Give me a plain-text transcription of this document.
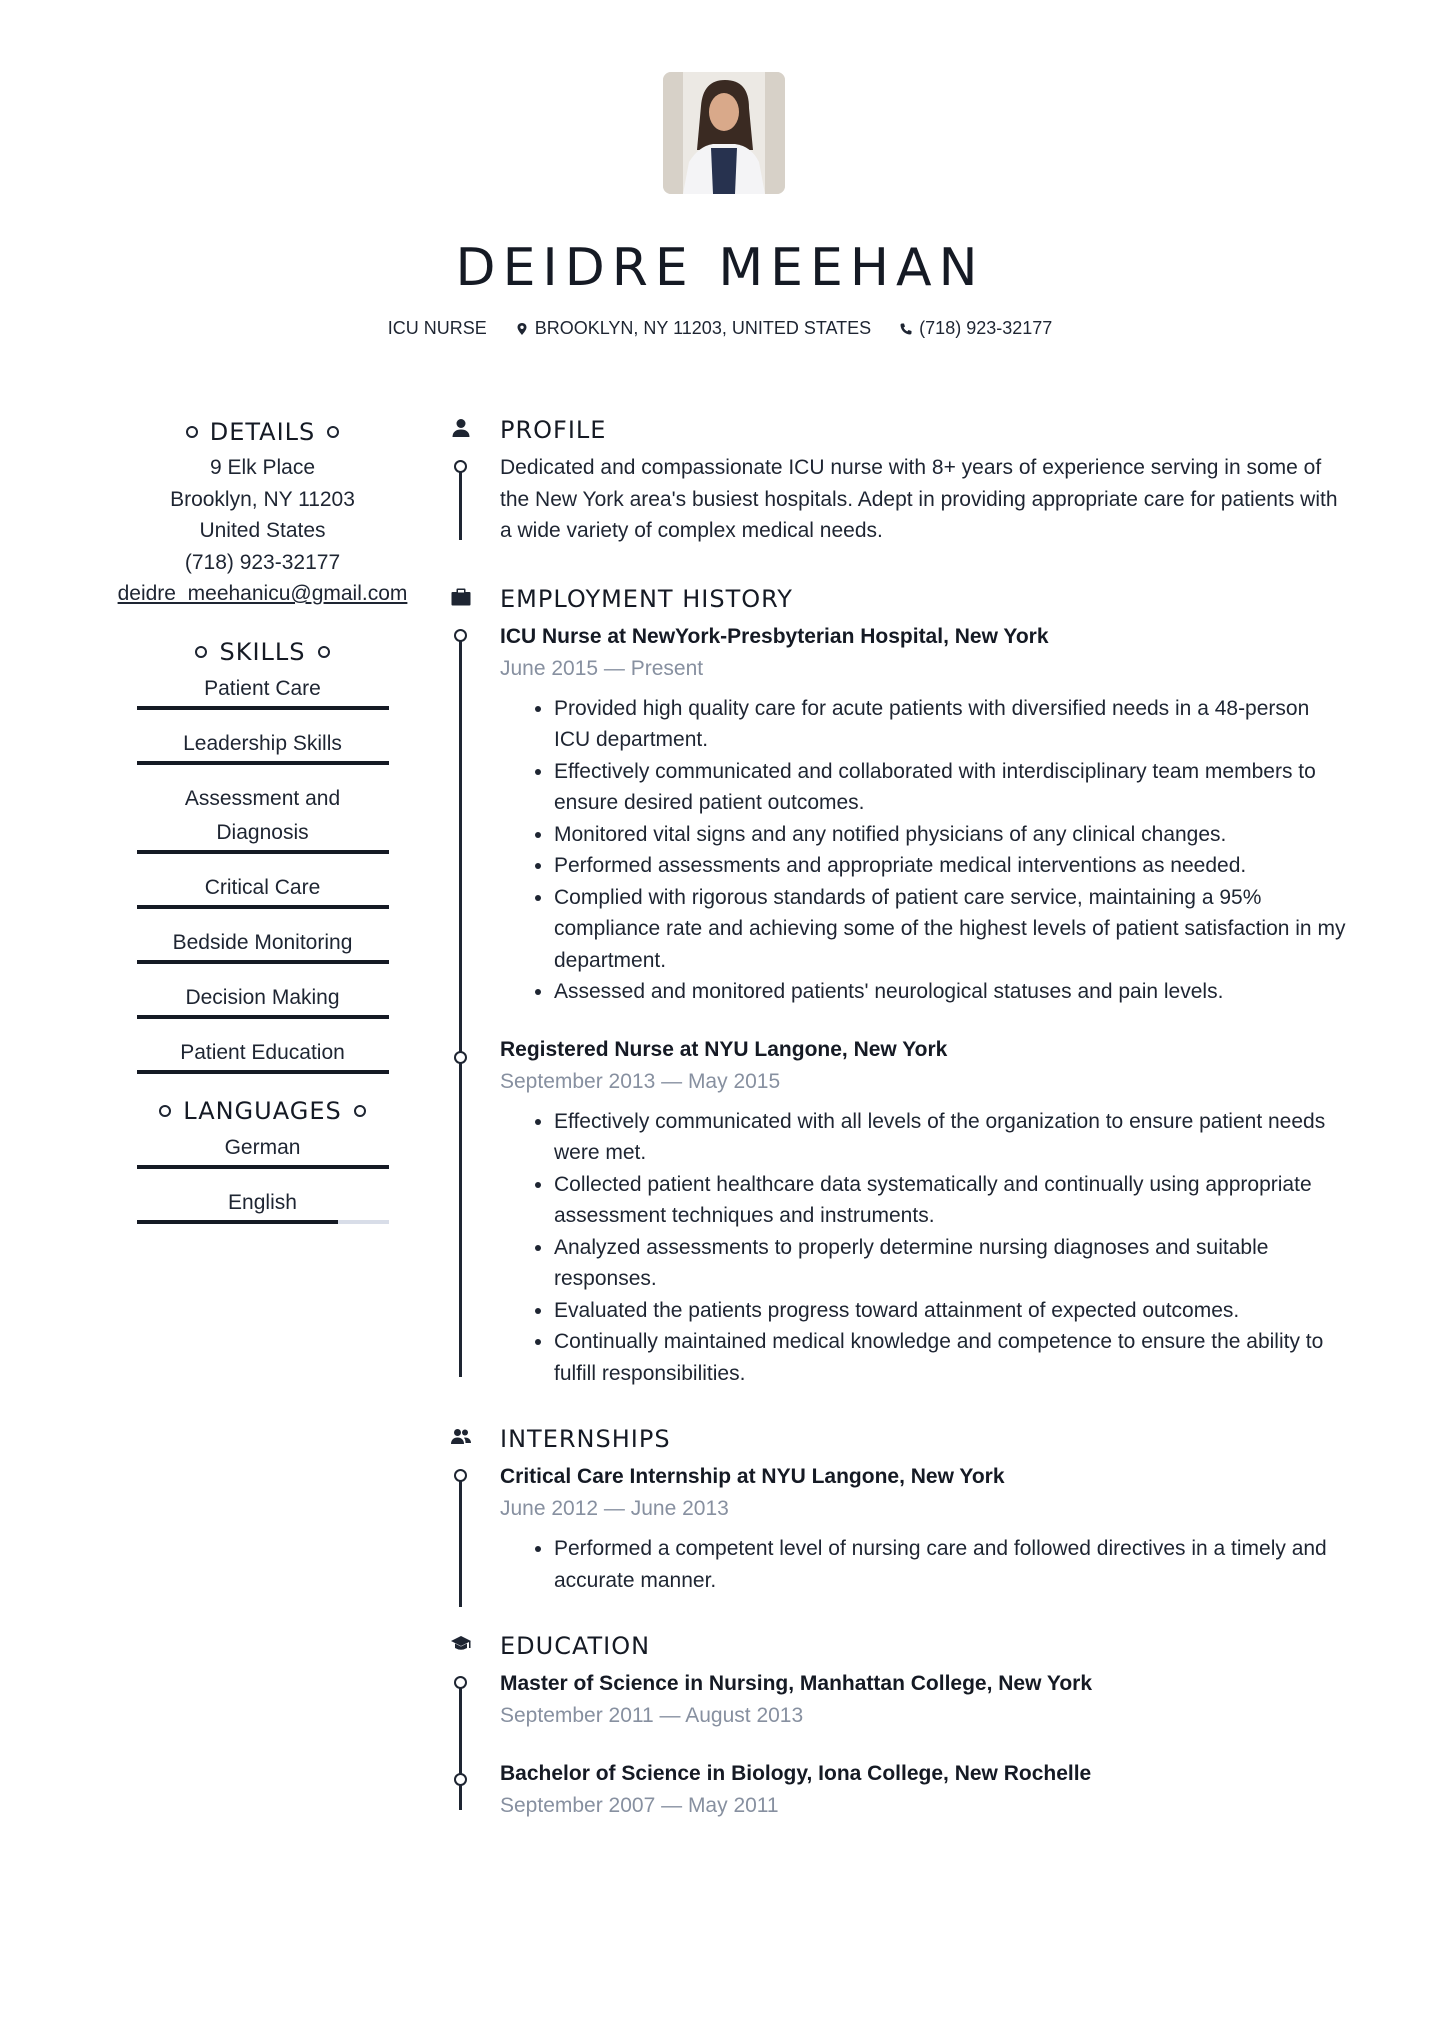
DEIDRE MEEHAN
ICU NURSE	BROOKLYN, NY 11203, UNITED STATES	(718) 923-32177
DETAILS
9 Elk Place
Brooklyn, NY 11203
United States
(718) 923-32177
deidre_meehanicu@gmail.com
SKILLS
Patient Care
Leadership Skills
Assessment and Diagnosis
Critical Care
Bedside Monitoring
Decision Making
Patient Education
LANGUAGES
German
English
PROFILE

Dedicated and compassionate ICU nurse with 8+ years of experience serving in some of the New York area's busiest hospitals. Adept in providing appropriate care for patients with a wide variety of complex medical needs.

EMPLOYMENT HISTORY
ICU Nurse at NewYork-Presbyterian Hospital, New York
June 2015 — Present
• Provided high quality care for acute patients with diversified needs in a 48-person ICU department.
• Effectively communicated and collaborated with interdisciplinary team members to ensure desired patient outcomes.
• Monitored vital signs and any notified physicians of any clinical changes.
• Performed assessments and appropriate medical interventions as needed.
• Complied with rigorous standards of patient care service, maintaining a 95% compliance rate and achieving some of the highest levels of patient satisfaction in my department.
• Assessed and monitored patients' neurological statuses and pain levels.
Registered Nurse at NYU Langone, New York
September 2013 — May 2015
• Effectively communicated with all levels of the organization to ensure patient needs were met.
• Collected patient healthcare data systematically and continually using appropriate assessment techniques and instruments.
• Analyzed assessments to properly determine nursing diagnoses and suitable responses.
• Evaluated the patients progress toward attainment of expected outcomes.
• Continually maintained medical knowledge and competence to ensure the ability to fulfill responsibilities.
INTERNSHIPS
Critical Care Internship at NYU Langone, New York
June 2012 — June 2013
• Performed a competent level of nursing care and followed directives in a timely and accurate manner.
EDUCATION
Master of Science in Nursing, Manhattan College, New York
September 2011 — August 2013
Bachelor of Science in Biology, Iona College, New Rochelle
September 2007 — May 2011
